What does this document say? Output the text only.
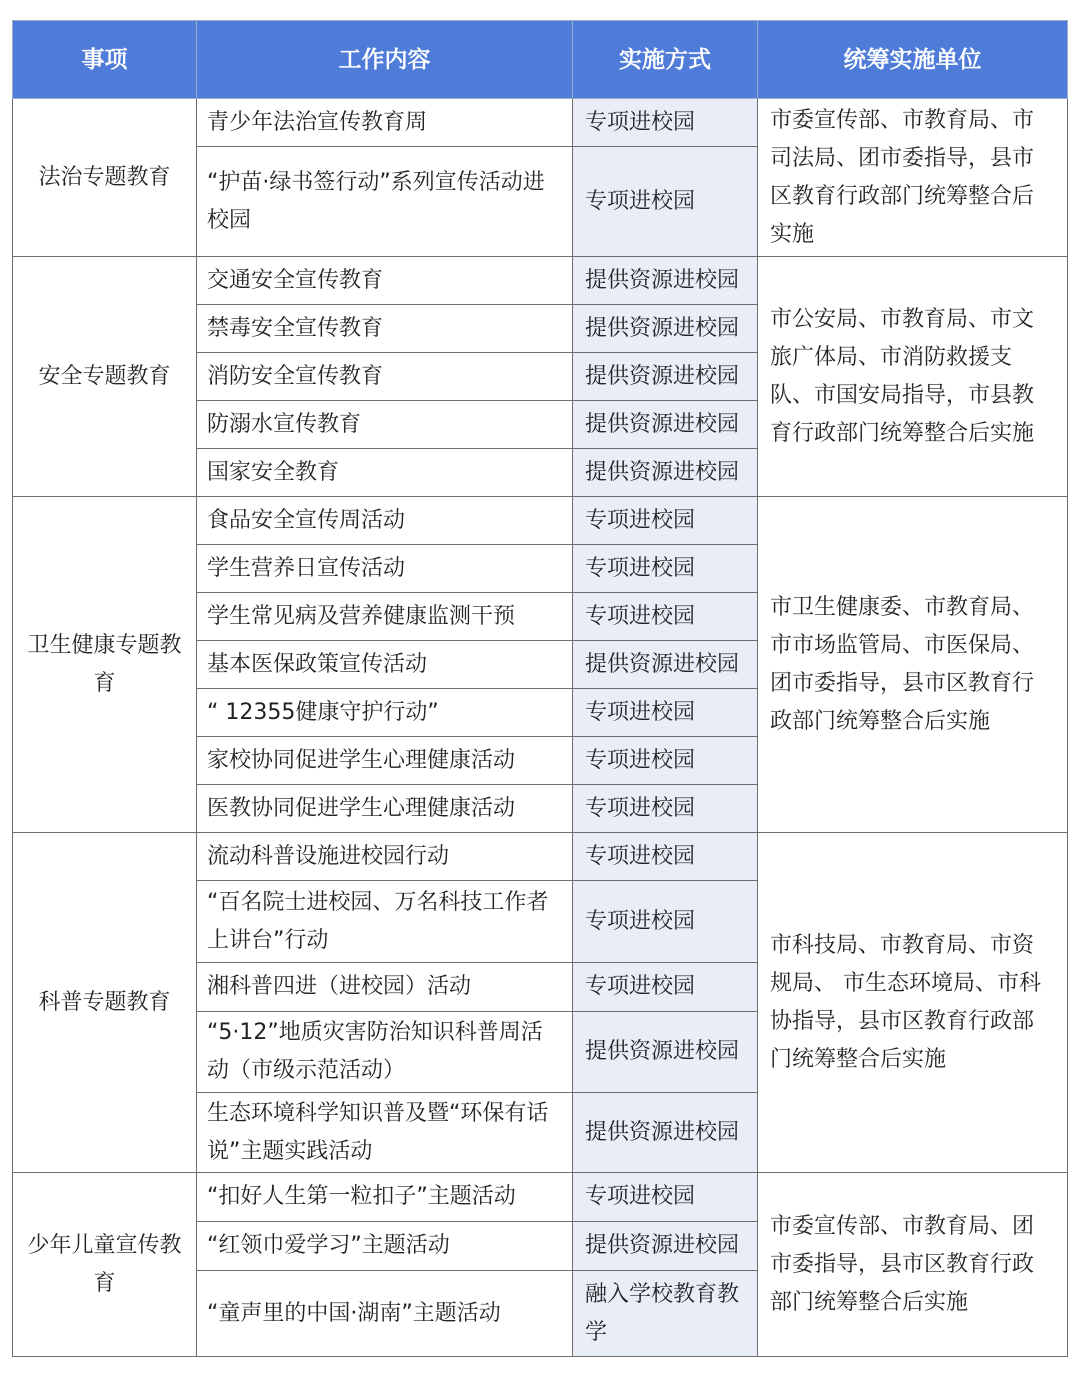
事项	工作内容	实施方式	统筹实施单位
法治专题教育	青少年法治宣传教育周	专项进校园	市委宣传部、市教育局、市司法局、团市委指导，县市区教育行政部门统筹整合后实施
	“护苗·绿书签行动”系列宣传活动进校园	专项进校园	
安全专题教育	交通安全宣传教育	提供资源进校园	市公安局、市教育局、市文旅广体局、市消防救援支队、市国安局指导，市县教育行政部门统筹整合后实施
	禁毒安全宣传教育	提供资源进校园	
	消防安全宣传教育	提供资源进校园	
	防溺水宣传教育	提供资源进校园	
	国家安全教育	提供资源进校园	
卫生健康专题教育	食品安全宣传周活动	专项进校园	市卫生健康委、市教育局、市市场监管局、市医保局、团市委指导，县市区教育行政部门统筹整合后实施
	学生营养日宣传活动	专项进校园	
	学生常见病及营养健康监测干预	专项进校园	
	基本医保政策宣传活动	提供资源进校园	
	“ 12355健康守护行动”	专项进校园	
	家校协同促进学生心理健康活动	专项进校园	
	医教协同促进学生心理健康活动	专项进校园	
科普专题教育	流动科普设施进校园行动	专项进校园	市科技局、市教育局、市资规局、 市生态环境局、市科协指导，县市区教育行政部门统筹整合后实施
	“百名院士进校园、万名科技工作者上讲台”行动	专项进校园	
	湘科普四进（进校园）活动	专项进校园	
	“5·12”地质灾害防治知识科普周活动（市级示范活动）	提供资源进校园	
	生态环境科学知识普及暨“环保有话说”主题实践活动	提供资源进校园	
少年儿童宣传教育	“扣好人生第一粒扣子”主题活动	专项进校园	市委宣传部、市教育局、团市委指导，县市区教育行政部门统筹整合后实施
	“红领巾爱学习”主题活动	提供资源进校园	
	“童声里的中国·湖南”主题活动	融入学校教育教学	
